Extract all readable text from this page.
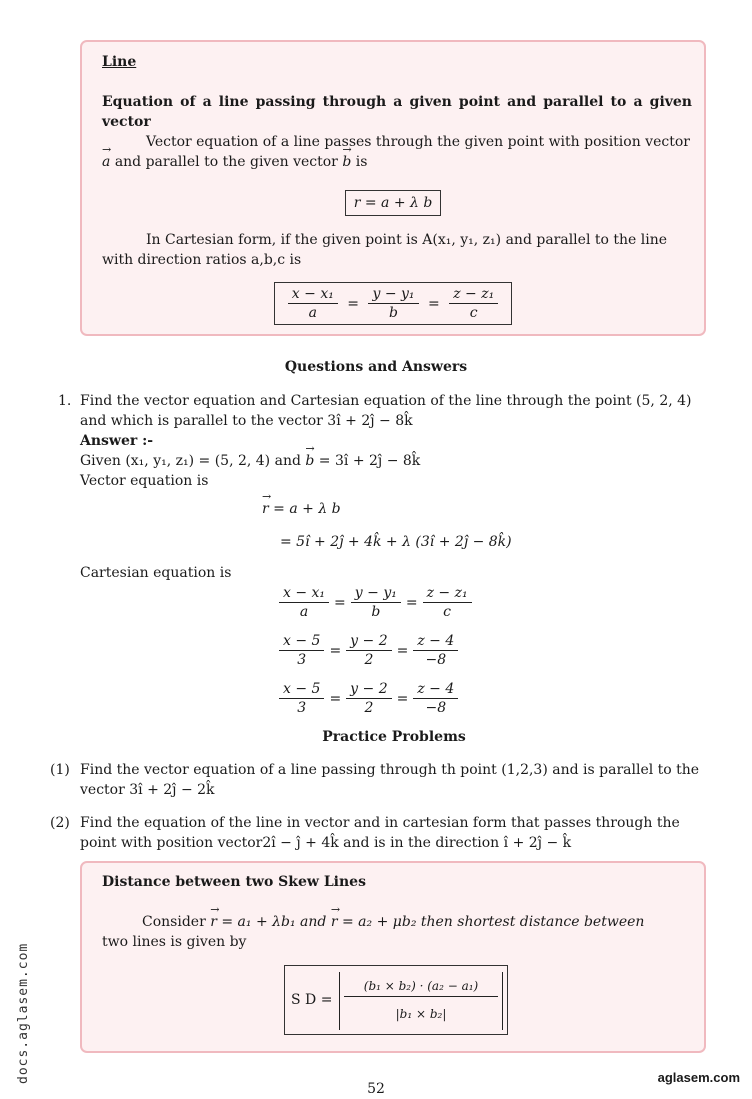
Line
Equation of a line passing through a given point and parallel to a given vector
Vector equation of a line passes through the given point with position vector
a → and parallel to the given vector b → is
r = a + λ b
In Cartesian form, if the given point is A(x₁, y₁, z₁) and parallel to the line
with direction ratios a,b,c is
$\frac{\text{x − x₁}}{a} = \frac{\text{y − y₁}}{b} = \frac{\text{z − z₁}}{c}$
Questions and Answers
1. Find the vector equation and Cartesian equation of the line through the point (5, 2, 4)
and which is parallel to the vector 3î + 2ĵ − 8k̂
Answer :-
Given (x₁, y₁, z₁) = (5, 2, 4) and b → = 3î + 2ĵ − 8k̂
Vector equation is
r → = a + λ b
= 5î + 2ĵ + 4k̂ + λ (3î + 2ĵ − 8k̂)
Cartesian equation is
$\frac{\text{x − x₁}}{a} = \frac{\text{y − y₁}}{b} = \frac{\text{z − z₁}}{c}$
$\frac{x - 5}{3} = \frac{y - 2}{2} = \frac{z - 4}{-8}$
$\frac{x - 5}{3} = \frac{y - 2}{2} = \frac{z - 4}{-8}$
Practice Problems
(1) Find the vector equation of a line passing through th point (1,2,3) and is parallel to the
vector 3î + 2ĵ − 2k̂
(2) Find the equation of the line in vector and in cartesian form that passes through the
point with position vector2î − ĵ + 4k̂ and is in the direction î + 2ĵ − k̂
Distance between two Skew Lines
Consider r → = a₁ + λb₁ and r → = a₂ + μb₂ then shortest distance between
two lines is given by
S D =
(b₁ × b₂) · (a₂ − a₁)
|b₁ × b₂|
docs.aglasem.com	aglasem.com
52
